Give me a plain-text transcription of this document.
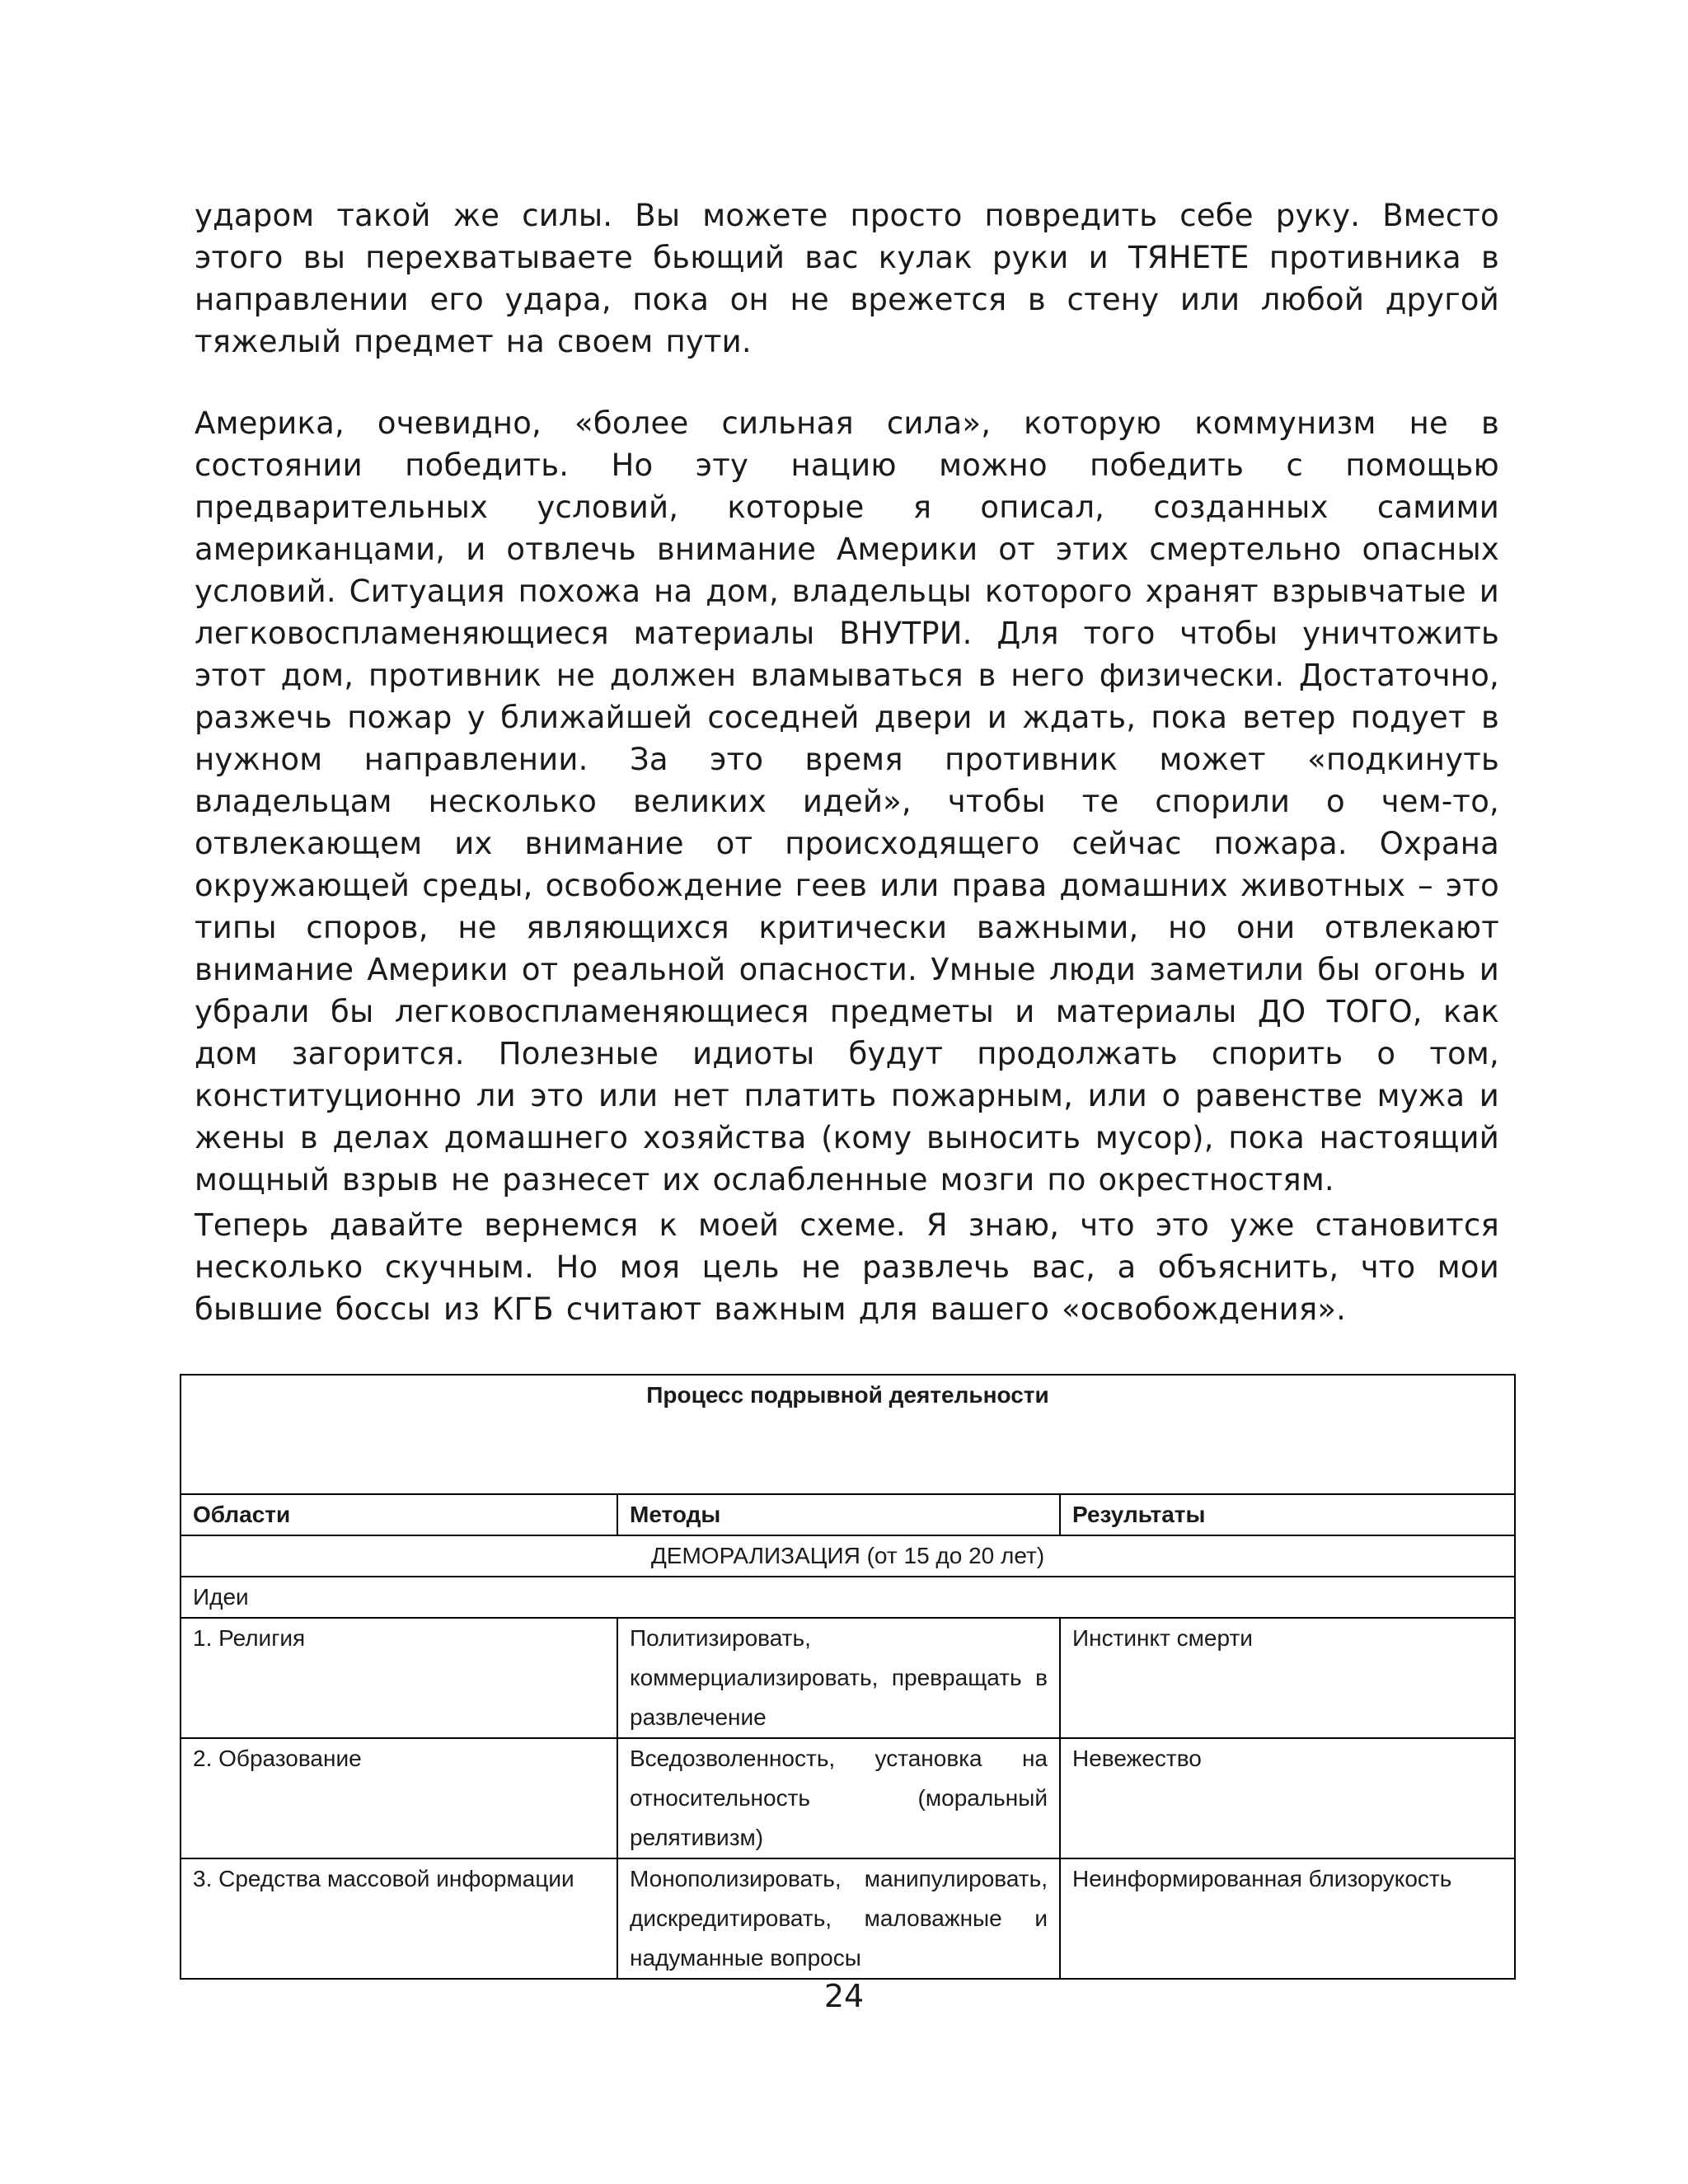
ударом такой же силы. Вы можете просто повредить себе руку. Вместо этого вы перехватываете бьющий вас кулак руки и ТЯНЕТЕ противника в направлении его удара, пока он не врежется в стену или любой другой тяжелый предмет на своем пути.

Америка, очевидно, «более сильная сила», которую коммунизм не в состоянии победить. Но эту нацию можно победить с помощью предварительных условий, которые я описал, созданных самими американцами, и отвлечь внимание Америки от этих смертельно опасных условий. Ситуация похожа на дом, владельцы которого хранят взрывчатые и легковоспламеняющиеся материалы ВНУТРИ. Для того чтобы уничтожить этот дом, противник не должен вламываться в него физически. Достаточно, разжечь пожар у ближайшей соседней двери и ждать, пока ветер подует в нужном направлении. За это время противник может «подкинуть владельцам несколько великих идей», чтобы те спорили о чем-то, отвлекающем их внимание от происходящего сейчас пожара. Охрана окружающей среды, освобождение геев или права домашних животных – это типы споров, не являющихся критически важными, но они отвлекают внимание Америки от реальной опасности. Умные люди заметили бы огонь и убрали бы легковоспламеняющиеся предметы и материалы ДО ТОГО, как дом загорится. Полезные идиоты будут продолжать спорить о том, конституционно ли это или нет платить пожарным, или о равенстве мужа и жены в делах домашнего хозяйства (кому выносить мусор), пока настоящий мощный взрыв не разнесет их ослабленные мозги по окрестностям.

Теперь давайте вернемся к моей схеме. Я знаю, что это уже становится несколько скучным. Но моя цель не развлечь вас, а объяснить, что мои бывшие боссы из КГБ считают важным для вашего «освобождения».

Процесс подрывной деятельности		
Области	Методы	Результаты
ДЕМОРАЛИЗАЦИЯ (от 15 до 20 лет)		
Идеи		
1. Религия	Политизировать, коммерциализировать, превращать в развлечение	Инстинкт смерти
2. Образование	Вседозволенность, установка на относительность (моральный релятивизм)	Невежество
3. Средства массовой информации	Монополизировать, манипулировать, дискредитировать, маловажные и надуманные вопросы	Неинформированная близорукость
24
